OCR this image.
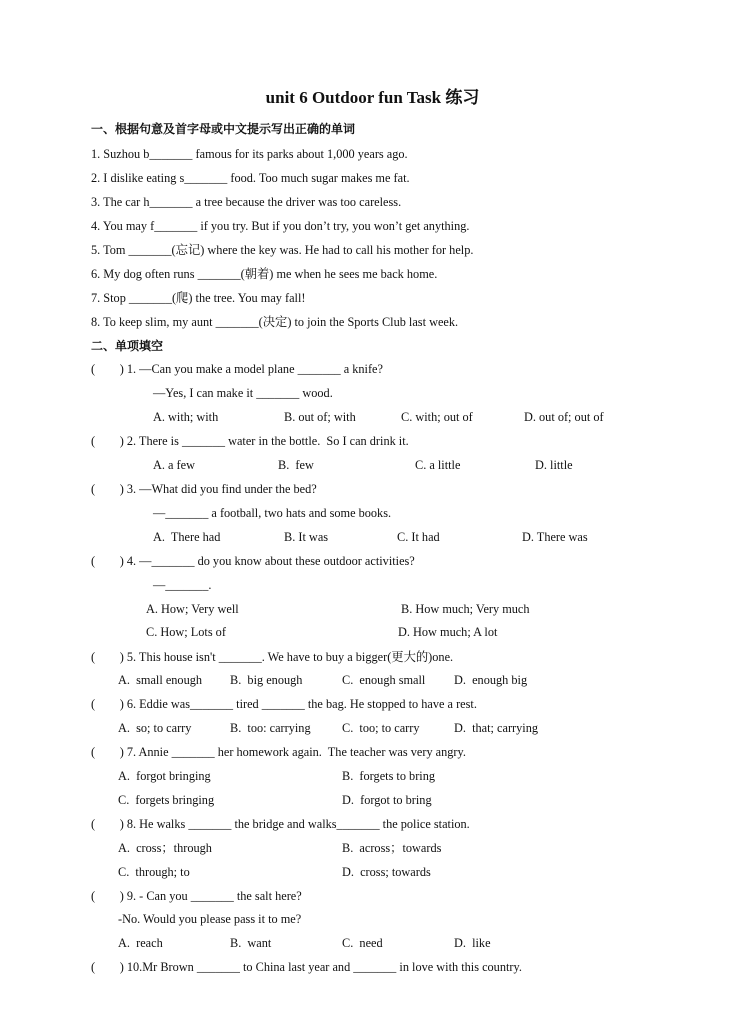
unit 6 Outdoor fun Task 练习
一、根据句意及首字母或中文提示写出正确的单词
1. Suzhou b_______ famous for its parks about 1,000 years ago.
2. I dislike eating s_______ food. Too much sugar makes me fat.
3. The car h_______ a tree because the driver was too careless.
4. You may f_______ if you try. But if you don’t try, you won’t get anything.
5. Tom _______(忘记) where the key was. He had to call his mother for help.
6. My dog often runs _______(朝着) me when he sees me back home.
7. Stop _______(爬) the tree. You may fall!
8. To keep slim, my aunt _______(决定) to join the Sports Club last week.
二、单项填空
(        ) 1. —Can you make a model plane _______ a knife?
—Yes, I can make it _______ wood.
A. with; with	B. out of; with	C. with; out of	D. out of; out of
(        ) 2. There is _______ water in the bottle.  So I can drink it.
A. a few	B.  few	C. a little	D. little
(        ) 3. —What did you find under the bed?
—_______ a football, two hats and some books.
A.  There had	B. It was	C. It had	D. There was
(        ) 4. —_______ do you know about these outdoor activities?
—_______.
A. How; Very well	B. How much; Very much
C. How; Lots of	D. How much; A lot
(        ) 5. This house isn't _______. We have to buy a bigger(更大的)one.
A.  small enough B.  big enough	C.  enough small D.  enough big
(        ) 6. Eddie was_______ tired _______ the bag. He stopped to have a rest.
A.  so; to carry	B.  too: carrying	C.  too; to carry	D.  that; carrying
(        ) 7. Annie _______ her homework again.  The teacher was very angry.
A.  forgot bringing	B.  forgets to bring
C.  forgets bringing	D.  forgot to bring
(        ) 8. He walks _______ the bridge and walks_______ the police station.
A.  cross；through	B.  across；towards
C.  through; to	D.  cross; towards
(        ) 9. - Can you _______ the salt here?
-No. Would you please pass it to me?
A.  reach	B.  want	C.  need	D.  like
(        ) 10.Mr Brown _______ to China last year and _______ in love with this country.
